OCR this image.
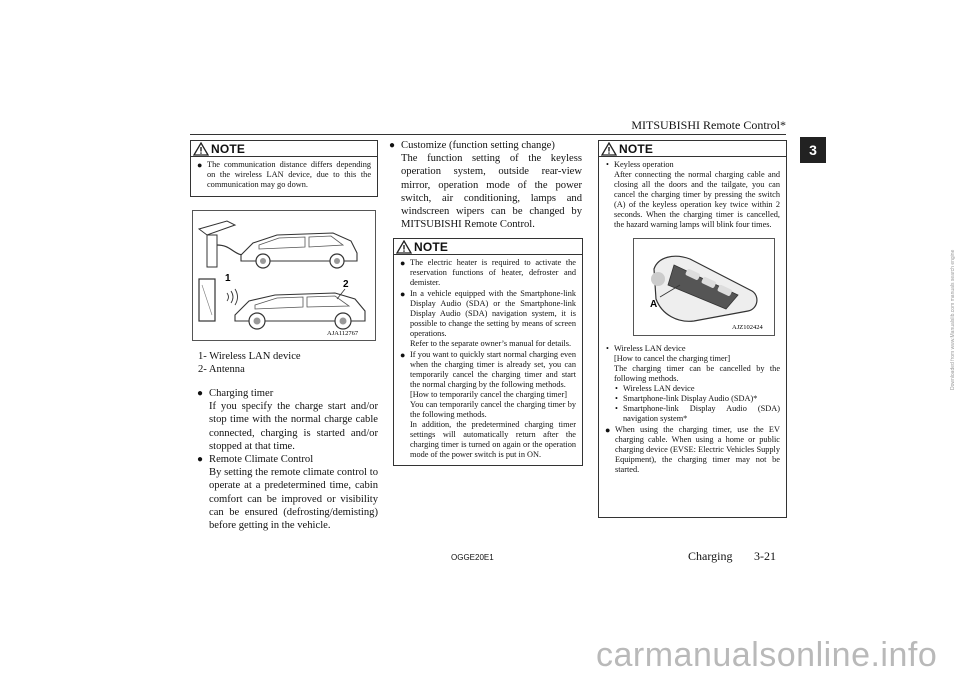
MITSUBISHI Remote Control*
3
NOTE
● The communication distance differs depending on the wireless LAN device, due to this the communication may go down.
1
2
AJA112767
1- Wireless LAN device
2- Antenna
● Charging timer
If you specify the charge start and/or stop time with the normal charge cable connected, charging is started and/or stopped at that time.
● Remote Climate Control
By setting the remote climate control to operate at a predetermined time, cabin comfort can be improved or visibility can be ensured (defrosting/demisting) before getting in the vehicle.
● Customize (function setting change)
The function setting of the keyless operation system, outside rear-view mirror, operation mode of the power switch, air conditioning, lamps and windscreen wipers can be changed by MITSUBISHI Remote Control.
NOTE
● The electric heater is required to activate the reservation functions of heater, defroster and demister.
● In a vehicle equipped with the Smartphone-link Display Audio (SDA) or the Smartphone-link Display Audio (SDA) navigation system, it is possible to change the setting by means of screen operations.
Refer to the separate owner’s manual for details.
● If you want to quickly start normal charging even when the charging timer is already set, you can temporarily cancel the charging timer and start the normal charging by the following methods.
[How to temporarily cancel the charging timer]
You can temporarily cancel the charging timer by the following methods.
In addition, the predetermined charging timer settings will automatically return after the charging timer is turned on again or the operation mode of the power switch is put in ON.
NOTE
• Keyless operation
After connecting the normal charging cable and closing all the doors and the tailgate, you can cancel the charging timer by pressing the switch (A) of the keyless operation key twice within 2 seconds. When the charging timer is cancelled, the hazard warning lamps will blink four times.
A
AJZ102424
• Wireless LAN device
[How to cancel the charging timer]
The charging timer can be cancelled by the following methods.
• Wireless LAN device
• Smartphone-link Display Audio (SDA)*
• Smartphone-link Display Audio (SDA) navigation system*
● When using the charging timer, use the EV charging cable. When using a home or public charging device (EVSE: Electric Vehicles Supply Equipment), the charging timer may not be started.
OGGE20E1	Charging 3-21
carmanualsonline.info
Downloaded from www.Manualslib.com manuals search engine
